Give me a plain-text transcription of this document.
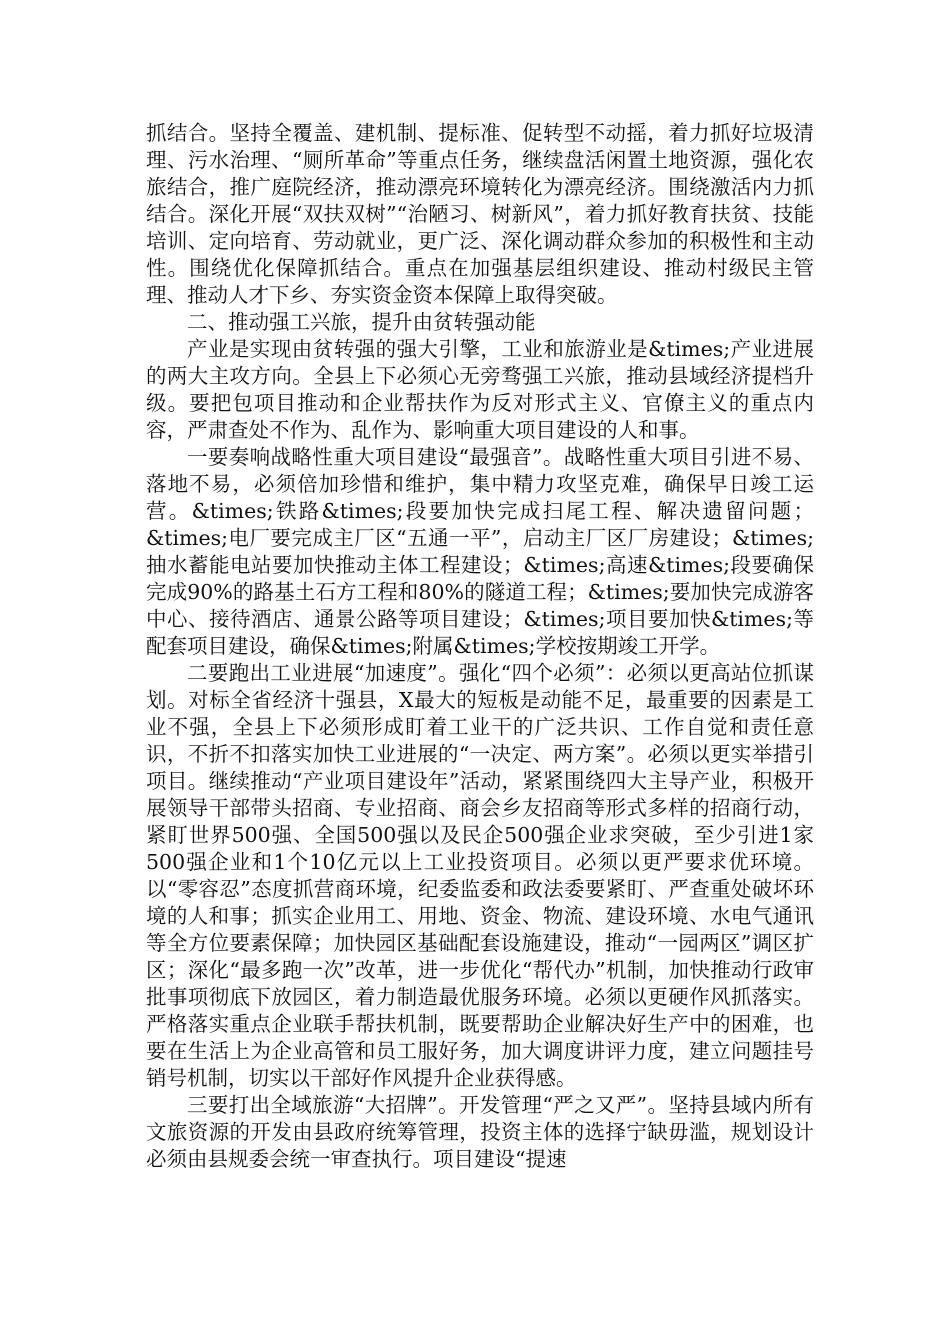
抓结合。坚持全覆盖、建机制、提标准、促转型不动摇，着力抓好垃圾清理、污水治理、“厕所革命”等重点任务，继续盘活闲置土地资源，强化农旅结合，推广庭院经济，推动漂亮环境转化为漂亮经济。围绕激活内力抓结合。深化开展“双扶双树”“治陋习、树新风”，着力抓好教育扶贫、技能培训、定向培育、劳动就业，更广泛、深化调动群众参加的积极性和主动性。围绕优化保障抓结合。重点在加强基层组织建设、推动村级民主管理、推动人才下乡、夯实资金资本保障上取得突破。

二、推动强工兴旅，提升由贫转强动能

产业是实现由贫转强的强大引擎，工业和旅游业是&times;产业进展的两大主攻方向。全县上下必须心无旁骛强工兴旅，推动县域经济提档升级。要把包项目推动和企业帮扶作为反对形式主义、官僚主义的重点内容，严肃查处不作为、乱作为、影响重大项目建设的人和事。

一要奏响战略性重大项目建设“最强音”。战略性重大项目引进不易、落地不易，必须倍加珍惜和维护，集中精力攻坚克难，确保早日竣工运营。&times;铁路&times;段要加快完成扫尾工程、解决遗留问题；&times;电厂要完成主厂区“五通一平”，启动主厂区厂房建设；&times;抽水蓄能电站要加快推动主体工程建设；&times;高速&times;段要确保完成90%的路基土石方工程和80%的隧道工程；&times;要加快完成游客中心、接待酒店、通景公路等项目建设；&times;项目要加快&times;等配套项目建设，确保&times;附属&times;学校按期竣工开学。

二要跑出工业进展“加速度”。强化“四个必须”：必须以更高站位抓谋划。对标全省经济十强县，X最大的短板是动能不足，最重要的因素是工业不强，全县上下必须形成盯着工业干的广泛共识、工作自觉和责任意识，不折不扣落实加快工业进展的“一决定、两方案”。必须以更实举措引项目。继续推动“产业项目建设年”活动，紧紧围绕四大主导产业，积极开展领导干部带头招商、专业招商、商会乡友招商等形式多样的招商行动，紧盯世界500强、全国500强以及民企500强企业求突破，至少引进1家500强企业和1个10亿元以上工业投资项目。必须以更严要求优环境。以“零容忍”态度抓营商环境，纪委监委和政法委要紧盯、严查重处破坏环境的人和事；抓实企业用工、用地、资金、物流、建设环境、水电气通讯等全方位要素保障；加快园区基础配套设施建设，推动“一园两区”调区扩区；深化“最多跑一次”改革，进一步优化“帮代办”机制，加快推动行政审批事项彻底下放园区，着力制造最优服务环境。必须以更硬作风抓落实。严格落实重点企业联手帮扶机制，既要帮助企业解决好生产中的困难，也要在生活上为企业高管和员工服好务，加大调度讲评力度，建立问题挂号销号机制，切实以干部好作风提升企业获得感。

三要打出全域旅游“大招牌”。开发管理“严之又严”。坚持县域内所有文旅资源的开发由县政府统筹管理，投资主体的选择宁缺毋滥，规划设计必须由县规委会统一审查执行。项目建设“提速
